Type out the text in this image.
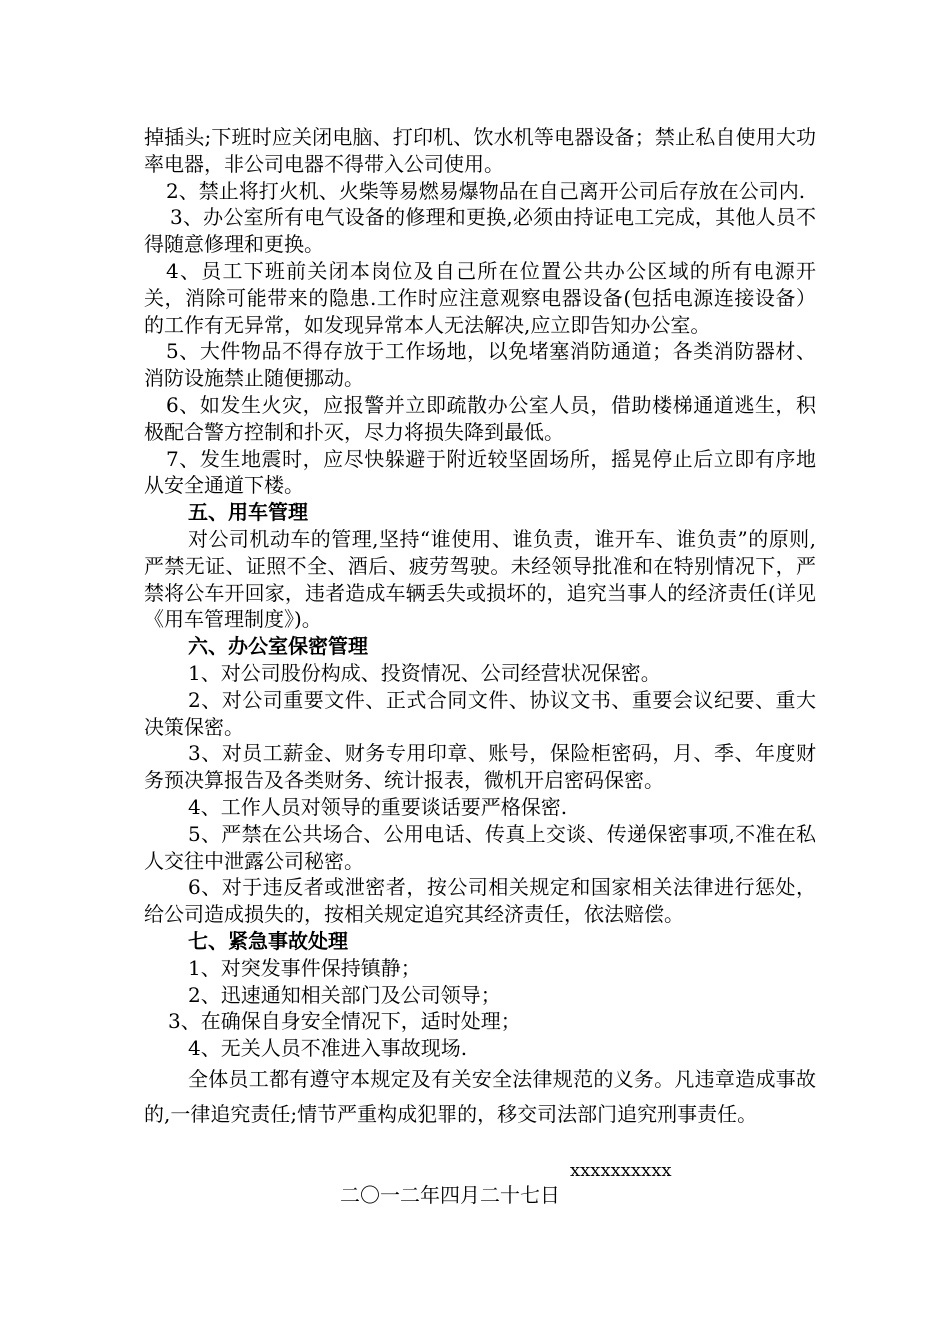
掉插头;下班时应关闭电脑、打印机、饮水机等电器设备；禁止私自使用大功率电器，非公司电器不得带入公司使用。

2、禁止将打火机、火柴等易燃易爆物品在自己离开公司后存放在公司内.

3、办公室所有电气设备的修理和更换,必须由持证电工完成，其他人员不得随意修理和更换。

4、员工下班前关闭本岗位及自己所在位置公共办公区域的所有电源开关，消除可能带来的隐患.工作时应注意观察电器设备(包括电源连接设备）的工作有无异常，如发现异常本人无法解决,应立即告知办公室。

5、大件物品不得存放于工作场地，以免堵塞消防通道；各类消防器材、消防设施禁止随便挪动。

6、如发生火灾，应报警并立即疏散办公室人员，借助楼梯通道逃生，积极配合警方控制和扑灭，尽力将损失降到最低。

7、发生地震时，应尽快躲避于附近较坚固场所，摇晃停止后立即有序地从安全通道下楼。

五、用车管理

对公司机动车的管理,坚持“谁使用、谁负责，谁开车、谁负责”的原则,严禁无证、证照不全、酒后、疲劳驾驶。未经领导批准和在特别情况下，严禁将公车开回家，违者造成车辆丢失或损坏的，追究当事人的经济责任(详见《用车管理制度》)。

六、办公室保密管理

1、对公司股份构成、投资情况、公司经营状况保密。

2、对公司重要文件、正式合同文件、协议文书、重要会议纪要、重大决策保密。

3、对员工薪金、财务专用印章、账号，保险柜密码，月、季、年度财务预决算报告及各类财务、统计报表，微机开启密码保密。

4、工作人员对领导的重要谈话要严格保密.

5、严禁在公共场合、公用电话、传真上交谈、传递保密事项,不准在私人交往中泄露公司秘密。

6、对于违反者或泄密者，按公司相关规定和国家相关法律进行惩处，给公司造成损失的，按相关规定追究其经济责任，依法赔偿。

七、紧急事故处理

1、对突发事件保持镇静；

2、迅速通知相关部门及公司领导；

3、在确保自身安全情况下，适时处理；

4、无关人员不准进入事故现场.

全体员工都有遵守本规定及有关安全法律规范的义务。凡违章造成事故的,一律追究责任;情节严重构成犯罪的，移交司法部门追究刑事责任。

xxxxxxxxxx
二〇一二年四月二十七日
